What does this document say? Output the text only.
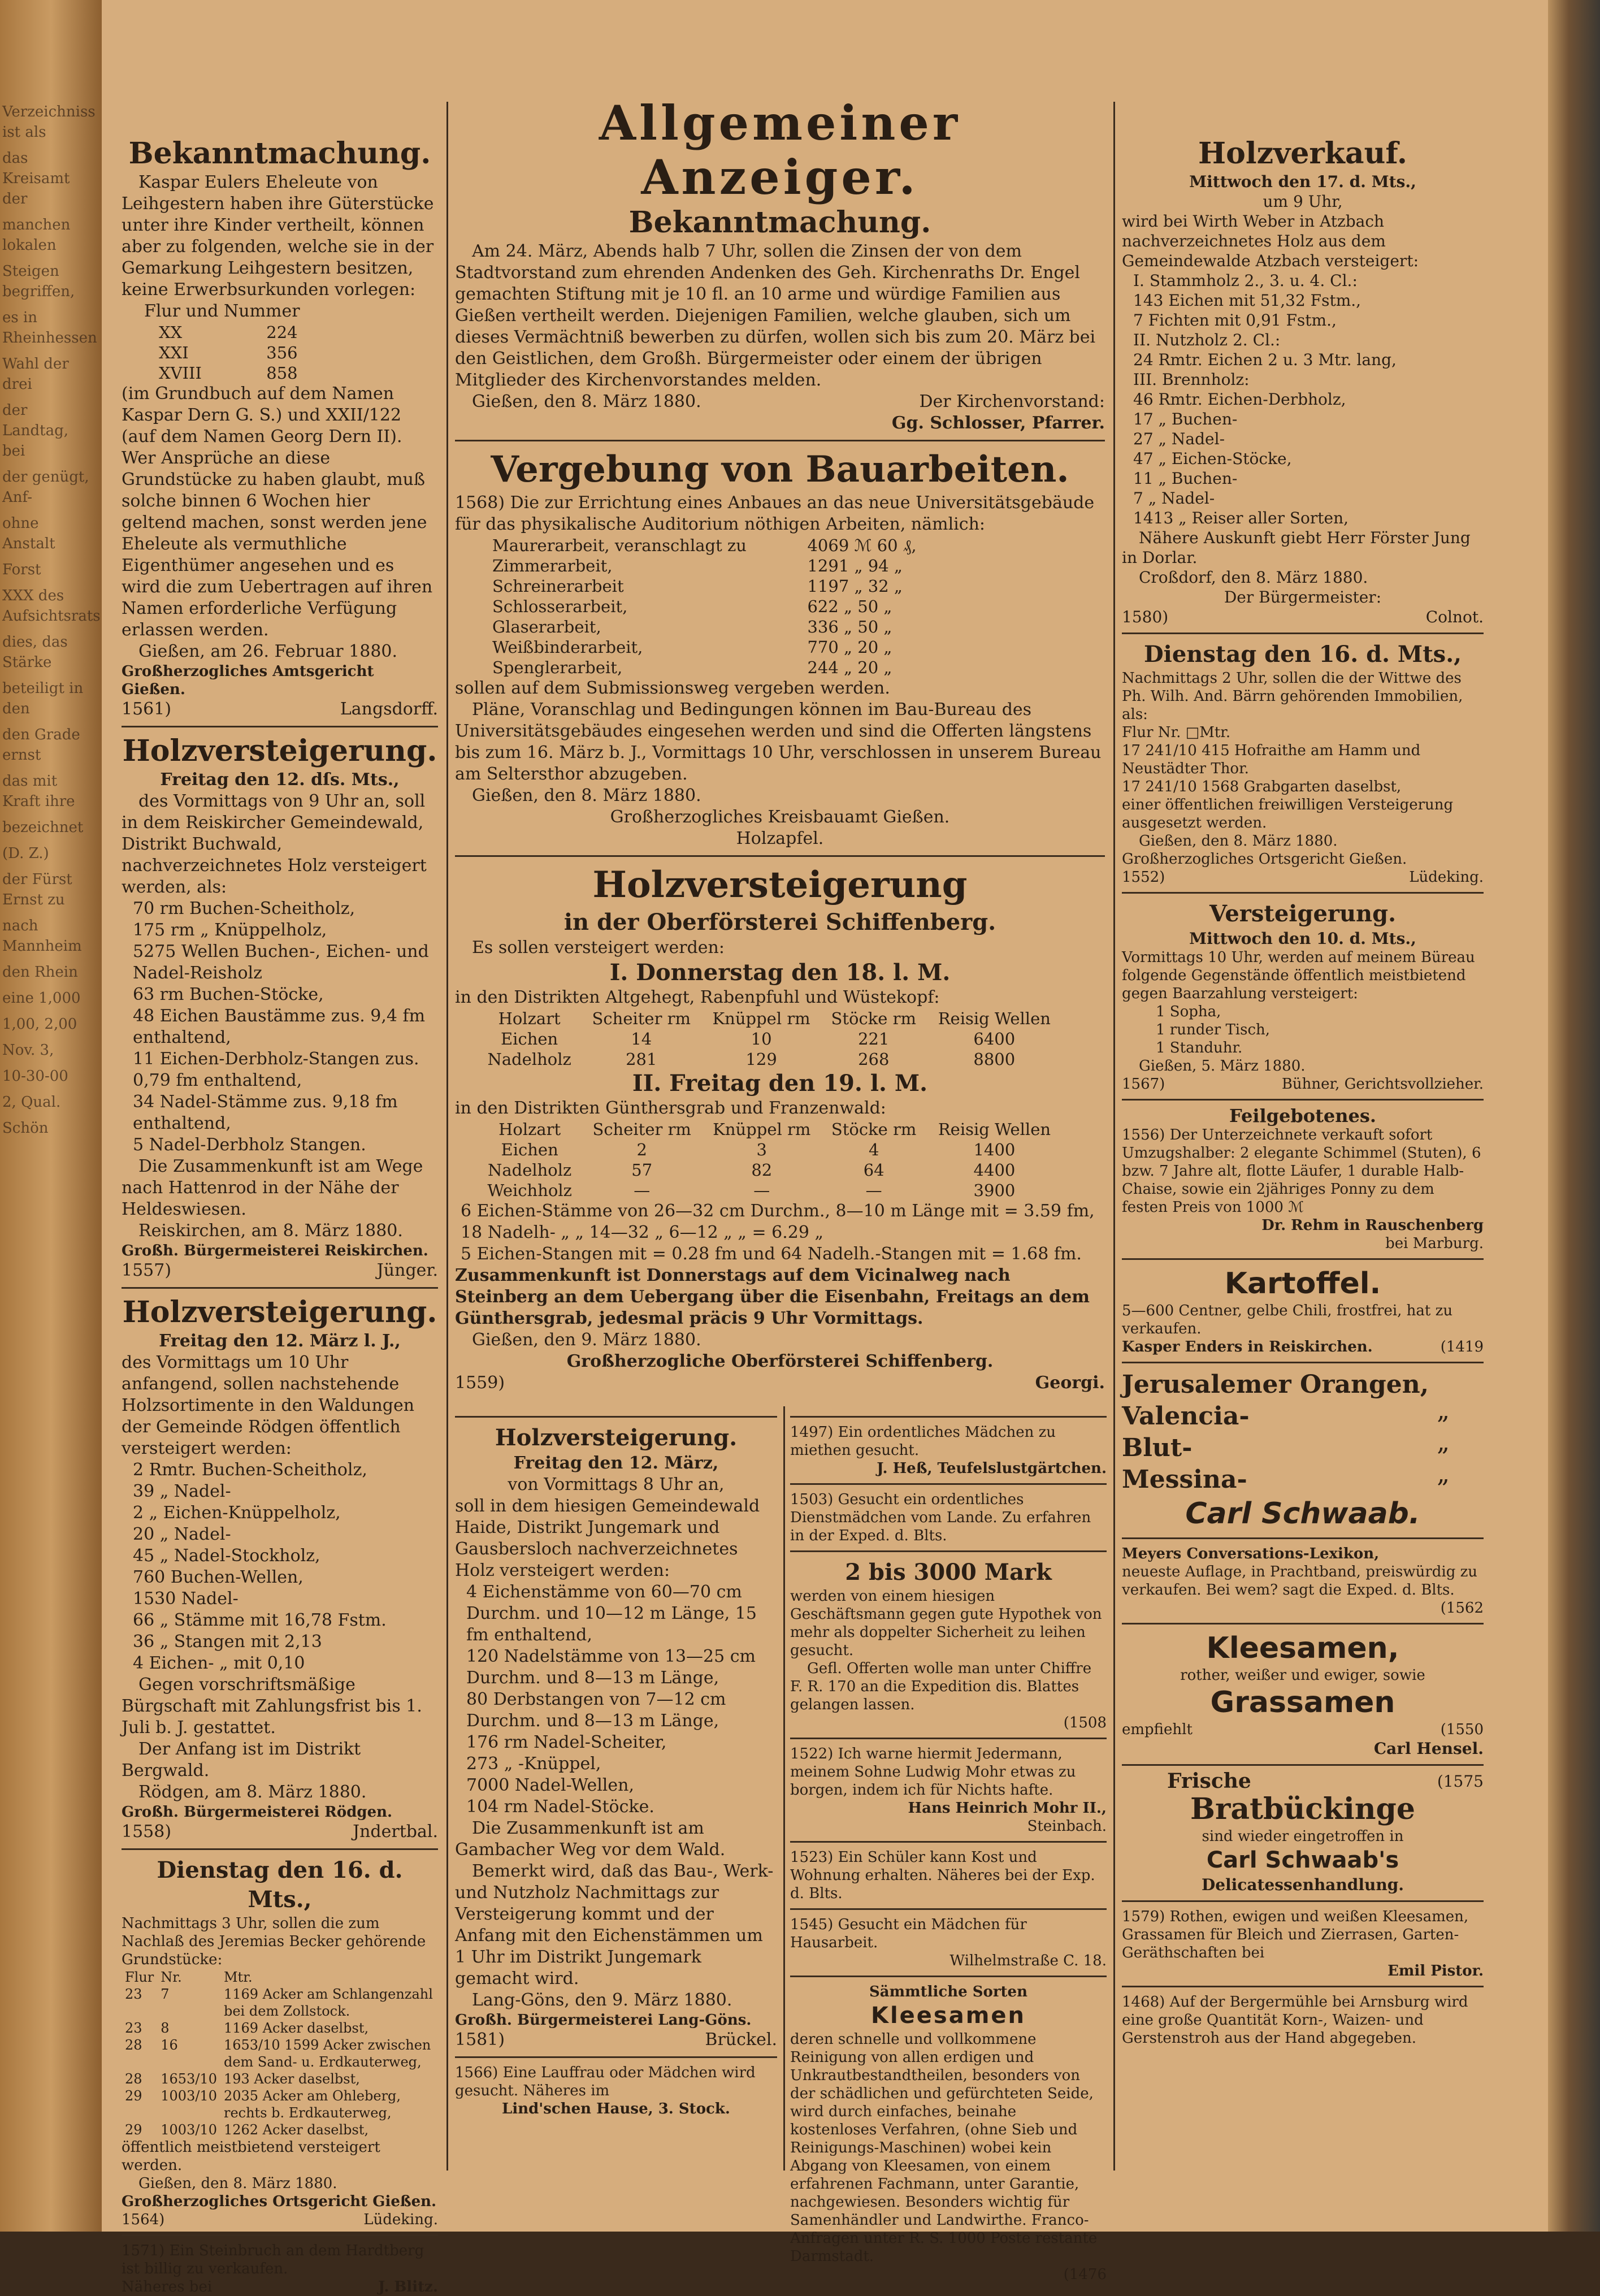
Verzeichniss ist als

das Kreisamt der

manchen lokalen

Steigen begriffen,

es in Rheinhessen

Wahl der drei

der Landtag, bei

der genügt, Anf-

ohne Anstalt

Forst

XXX des Aufsichtsrats

dies, das Stärke

beteiligt in den

den Grade ernst

das mit Kraft ihre

bezeichnet

(D. Z.)

der Fürst Ernst zu

nach Mannheim

den Rhein

eine 1,000

1,00, 2,00

Nov. 3,

10-30-00

2, Qual.

Schön

Bekanntmachung.

Kaspar Eulers Eheleute von Leihgestern haben ihre Güterstücke unter ihre Kinder vertheilt, können aber zu folgenden, welche sie in der Gemarkung Leihgestern besitzen, keine Erwerbsurkunden vorlegen:

Flur und Nummer

XX	224
XXI	356
XVIII	858

(im Grundbuch auf dem Namen Kaspar Dern G. S.) und XXII/122 (auf dem Namen Georg Dern II). Wer Ansprüche an diese Grundstücke zu haben glaubt, muß solche binnen 6 Wochen hier geltend machen, sonst werden jene Eheleute als vermuthliche Eigenthümer angesehen und es wird die zum Uebertragen auf ihren Namen erforderliche Verfügung erlassen werden.

Gießen, am 26. Februar 1880.

Großherzogliches Amtsgericht Gießen.

1561)	Langsdorff.
Holzversteigerung.

Freitag den 12. dſs. Mts.,

des Vormittags von 9 Uhr an, soll in dem Reiskircher Gemeindewald, Distrikt Buchwald, nachverzeichnetes Holz versteigert werden, als:

70 rm Buchen-Scheitholz,

175 rm „ Knüppelholz,

5275 Wellen Buchen-, Eichen- und Nadel-Reisholz

63 rm Buchen-Stöcke,

48 Eichen Baustämme zus. 9,4 fm enthaltend,

11 Eichen-Derbholz-Stangen zus. 0,79 fm enthaltend,

34 Nadel-Stämme zus. 9,18 fm enthaltend,

5 Nadel-Derbholz Stangen.

Die Zusammenkunft ist am Wege nach Hattenrod in der Nähe der Heldeswiesen.

Reiskirchen, am 8. März 1880.

Großh. Bürgermeisterei Reiskirchen.

1557)	Jünger.
Holzversteigerung.

Freitag den 12. März l. J.,

des Vormittags um 10 Uhr anfangend, sollen nachstehende Holzsortimente in den Waldungen der Gemeinde Rödgen öffentlich versteigert werden:

2 Rmtr. Buchen-Scheitholz,

39 „ Nadel-

2 „ Eichen-Knüppelholz,

20 „ Nadel-

45 „ Nadel-Stockholz,

760 Buchen-Wellen,

1530 Nadel-

66 „ Stämme mit 16,78 Fstm.

36 „ Stangen mit 2,13

4 Eichen- „ mit 0,10

Gegen vorschriftsmäßige Bürgschaft mit Zahlungsfrist bis 1. Juli b. J. gestattet.

Der Anfang ist im Distrikt Bergwald.

Rödgen, am 8. März 1880.

Großh. Bürgermeisterei Rödgen.

1558)	Jndertbal.
Dienstag den 16. d. Mts.,

Nachmittags 3 Uhr, sollen die zum Nachlaß des Jeremias Becker gehörende Grundstücke:

Flur	Nr.	Mtr.
23	7	1169 Acker am Schlangenzahl bei dem Zollstock.
23	8	1169 Acker daselbst,
28	16	1653/10 1599 Acker zwischen dem Sand- u. Erdkauterweg,
28	1653/10	193 Acker daselbst,
29	1003/10	2035 Acker am Ohleberg, rechts b. Erdkauterweg,
29	1003/10	1262 Acker daselbst,

öffentlich meistbietend versteigert werden.

Gießen, den 8. März 1880.

Großherzogliches Ortsgericht Gießen.

1564)	Lüdeking.

1571) Ein Steinbruch an dem Hardtberg ist billig zu verkaufen.

Näheres bei	J. Blitz.
Allgemeiner Anzeiger.
Bekanntmachung.

Am 24. März, Abends halb 7 Uhr, sollen die Zinsen der von dem Stadtvorstand zum ehrenden Andenken des Geh. Kirchenraths Dr. Engel gemachten Stiftung mit je 10 fl. an 10 arme und würdige Familien aus Gießen vertheilt werden. Diejenigen Familien, welche glauben, sich um dieses Vermächtniß bewerben zu dürfen, wollen sich bis zum 20. März bei den Geistlichen, dem Großh. Bürgermeister oder einem der übrigen Mitglieder des Kirchenvorstandes melden.

Gießen, den 8. März 1880.	Der Kirchenvorstand:

Gg. Schlosser, Pfarrer.

Vergebung von Bauarbeiten.

1568) Die zur Errichtung eines Anbaues an das neue Universitätsgebäude für das physikalische Auditorium nöthigen Arbeiten, nämlich:

Maurerarbeit, veranschlagt zu	4069 ℳ 60 ₰,
Zimmerarbeit,	1291 „ 94 „
Schreinerarbeit	1197 „ 32 „
Schlosserarbeit,	622 „ 50 „
Glaserarbeit,	336 „ 50 „
Weißbinderarbeit,	770 „ 20 „
Spenglerarbeit,	244 „ 20 „

sollen auf dem Submissionsweg vergeben werden.

Pläne, Voranschlag und Bedingungen können im Bau-Bureau des Universitätsgebäudes eingesehen werden und sind die Offerten längstens bis zum 16. März b. J., Vormittags 10 Uhr, verschlossen in unserem Bureau am Seltersthor abzugeben.

Gießen, den 8. März 1880.

Großherzogliches Kreisbauamt Gießen.

Holzapfel.

Holzversteigerung
in der Oberförsterei Schiffenberg.

Es sollen versteigert werden:

I. Donnerstag den 18. l. M.

in den Distrikten Altgehegt, Rabenpfuhl und Wüstekopf:

Holzart	Scheiter rm	Knüppel rm	Stöcke rm	Reisig Wellen
Eichen	14	10	221	6400
Nadelholz	281	129	268	8800

II. Freitag den 19. l. M.

in den Distrikten Günthersgrab und Franzenwald:

Holzart	Scheiter rm	Knüppel rm	Stöcke rm	Reisig Wellen
Eichen	2	3	4	1400
Nadelholz	57	82	64	4400
Weichholz	—	—	—	3900

6 Eichen-Stämme von 26—32 cm Durchm., 8—10 m Länge mit = 3.59 fm,

18 Nadelh- „ „ 14—32 „ 6—12 „ „ = 6.29 „

5 Eichen-Stangen mit = 0.28 fm und 64 Nadelh.-Stangen mit = 1.68 fm.

Zusammenkunft ist Donnerstags auf dem Vicinalweg nach Steinberg an dem Uebergang über die Eisenbahn, Freitags an dem Günthersgrab, jedesmal präcis 9 Uhr Vormittags.

Gießen, den 9. März 1880.

Großherzogliche Oberförsterei Schiffenberg.

1559)	Georgi.
Holzversteigerung.

Freitag den 12. März,

von Vormittags 8 Uhr an,

soll in dem hiesigen Gemeindewald Haide, Distrikt Jungemark und Gausbersloch nachverzeichnetes Holz versteigert werden:

4 Eichenstämme von 60—70 cm Durchm. und 10—12 m Länge, 15 fm enthaltend,

120 Nadelstämme von 13—25 cm Durchm. und 8—13 m Länge,

80 Derbstangen von 7—12 cm Durchm. und 8—13 m Länge,

176 rm Nadel-Scheiter,

273 „ -Knüppel,

7000 Nadel-Wellen,

104 rm Nadel-Stöcke.

Die Zusammenkunft ist am Gambacher Weg vor dem Wald.

Bemerkt wird, daß das Bau-, Werk- und Nutzholz Nachmittags zur Versteigerung kommt und der Anfang mit den Eichenstämmen um 1 Uhr im Distrikt Jungemark gemacht wird.

Lang-Göns, den 9. März 1880.

Großh. Bürgermeisterei Lang-Göns.

1581)	Brückel.

1566) Eine Lauffrau oder Mädchen wird gesucht. Näheres im

Lind'schen Hause, 3. Stock.

1497) Ein ordentliches Mädchen zu miethen gesucht.

J. Heß, Teufelslustgärtchen.

1503) Gesucht ein ordentliches Dienstmädchen vom Lande. Zu erfahren in der Exped. d. Blts.

2 bis 3000 Mark

werden von einem hiesigen Geschäftsmann gegen gute Hypothek von mehr als doppelter Sicherheit zu leihen gesucht.

Gefl. Offerten wolle man unter Chiffre F. R. 170 an die Expedition dis. Blattes gelangen lassen.

(1508

1522) Ich warne hiermit Jedermann, meinem Sohne Ludwig Mohr etwas zu borgen, indem ich für Nichts hafte.

Hans Heinrich Mohr II.,

Steinbach.

1523) Ein Schüler kann Kost und Wohnung erhalten. Näheres bei der Exp. d. Blts.

1545) Gesucht ein Mädchen für Hausarbeit.

Wilhelmstraße C. 18.

Sämmtliche Sorten

Kleesamen

deren schnelle und vollkommene Reinigung von allen erdigen und Unkrautbestandtheilen, besonders von der schädlichen und gefürchteten Seide, wird durch einfaches, beinahe kostenloses Verfahren, (ohne Sieb und Reinigungs-Maschinen) wobei kein Abgang von Kleesamen, von einem erfahrenen Fachmann, unter Garantie, nachgewiesen. Besonders wichtig für Samenhändler und Landwirthe. Franco-Anfragen unter R. S. 1000 Poste restante Darmstadt.

(1476

Holzverkauf.

Mittwoch den 17. d. Mts.,

um 9 Uhr,

wird bei Wirth Weber in Atzbach nachverzeichnetes Holz aus dem Gemeindewalde Atzbach versteigert:

I. Stammholz 2., 3. u. 4. Cl.:

143 Eichen mit 51,32 Fstm.,

7 Fichten mit 0,91 Fstm.,

II. Nutzholz 2. Cl.:

24 Rmtr. Eichen 2 u. 3 Mtr. lang,

III. Brennholz:

46 Rmtr. Eichen-Derbholz,

17 „ Buchen-

27 „ Nadel-

47 „ Eichen-Stöcke,

11 „ Buchen-

7 „ Nadel-

1413 „ Reiser aller Sorten,

Nähere Auskunft giebt Herr Förster Jung in Dorlar.

Croßdorf, den 8. März 1880.

Der Bürgermeister:

1580)	Colnot.
Dienstag den 16. d. Mts.,

Nachmittags 2 Uhr, sollen die der Wittwe des Ph. Wilh. And. Bärrn gehörenden Immobilien, als:

Flur Nr. □Mtr.

17 241/10 415 Hofraithe am Hamm und Neustädter Thor.

17 241/10 1568 Grabgarten daselbst,

einer öffentlichen freiwilligen Versteigerung ausgesetzt werden.

Gießen, den 8. März 1880.

Großherzogliches Ortsgericht Gießen.

1552)	Lüdeking.
Versteigerung.

Mittwoch den 10. d. Mts.,

Vormittags 10 Uhr, werden auf meinem Büreau folgende Gegenstände öffentlich meistbietend gegen Baarzahlung versteigert:

1 Sopha,

1 runder Tisch,

1 Standuhr.

Gießen, 5. März 1880.

1567)	Bühner, Gerichtsvollzieher.
Feilgebotenes.

1556) Der Unterzeichnete verkauft sofort Umzugshalber: 2 elegante Schimmel (Stuten), 6 bzw. 7 Jahre alt, flotte Läufer, 1 durable Halb-Chaise, sowie ein 2jähriges Ponny zu dem festen Preis von 1000 ℳ

Dr. Rehm in Rauschenberg

bei Marburg.

Kartoffel.

5—600 Centner, gelbe Chili, frostfrei, hat zu verkaufen.

Kasper Enders in Reiskirchen.	(1419
Jerusalemer Orangen,
Valencia-	„
Blut-	„
Messina-	„
Carl Schwaab.

Meyers Conversations-Lexikon,

neueste Auflage, in Prachtband, preiswürdig zu verkaufen. Bei wem? sagt die Exped. d. Blts.

(1562

Kleesamen,

rother, weißer und ewiger, sowie

Grassamen
empfiehlt	(1550

Carl Hensel.

Frische	(1575
Bratbückinge

sind wieder eingetroffen in

Carl Schwaab's

Delicatessenhandlung.

1579) Rothen, ewigen und weißen Kleesamen, Grassamen für Bleich und Zierrasen, Garten-Geräthschaften bei

Emil Pistor.

1468) Auf der Bergermühle bei Arnsburg wird eine große Quantität Korn-, Waizen- und Gerstenstroh aus der Hand abgegeben.
